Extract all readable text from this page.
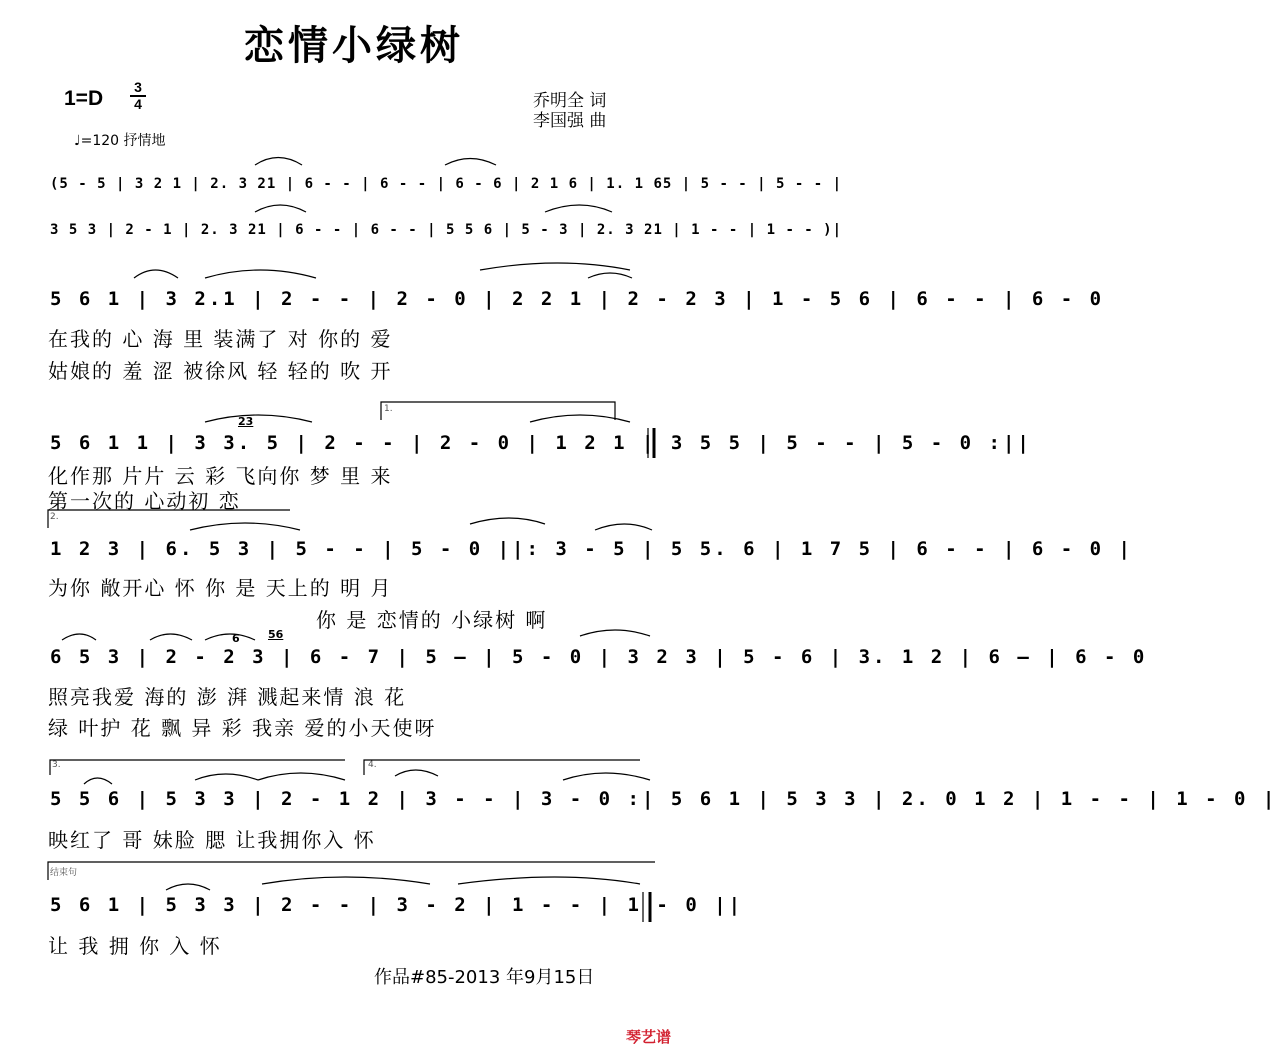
恋情小绿树
1=D 3
4	乔明全 词
李国强 曲
♩=120 抒情地
(5 - 5 | 3 2 1 | 2. 3 21 | 6 - - | 6 - - | 6 - 6 | 2 1 6 | 1. 1 65 | 5 - - | 5 - - |
3 5 3 | 2 - 1 | 2. 3 21 | 6 - - | 6 - - | 5 5 6 | 5 - 3 | 2. 3 21 | 1 - - | 1 - - )|
5 6 1 | 3 2.1 | 2 - - | 2 - 0 | 2 2 1 | 2 - 2 3 | 1 - 5 6 | 6 - - | 6 - 0
5 6 1 1 | 3 3. 5 | 2 - - | 2 - 0 | 1 2 1 | 3 5 5 | 5 - - | 5 - 0 :||
1 2 3 | 6. 5 3 | 5 - - | 5 - 0 ||: 3 - 5 | 5 5. 6 | 1 7 5 | 6 - - | 6 - 0 |
6 5 3 | 2 - 2 3 | 6 - 7 | 5 — | 5 - 0 | 3 2 3 | 5 - 6 | 3. 1 2 | 6 — | 6 - 0
5 5 6 | 5 3 3 | 2 - 1 2 | 3 - - | 3 - 0 :| 5 6 1 | 5 3 3 | 2. 0 1 2 | 1 - - | 1 - 0 |
5 6 1 | 5 3 3 | 2 - - | 3 - 2 | 1 - - | 1 - 0 ||
在我的 心 海 里 装满了 对 你的 爱
姑娘的 羞 涩 被徐风 轻 轻的 吹 开
化作那 片片 云 彩 飞向你 梦 里 来
第一次的 心动初 恋
为你 敞开心 怀 你 是 天上的 明 月
你 是 恋情的 小绿树 啊
照亮我爱 海的 澎 湃 溅起来情 浪 花
绿 叶护 花 飘 异 彩 我亲 爱的小天使呀
映红了 哥 妹脸 腮 让我拥你入 怀
让 我 拥 你 入 怀
1.
2.
3.	4.
结束句
23
6	56
作品#85-2013 年9月15日
琴艺谱
